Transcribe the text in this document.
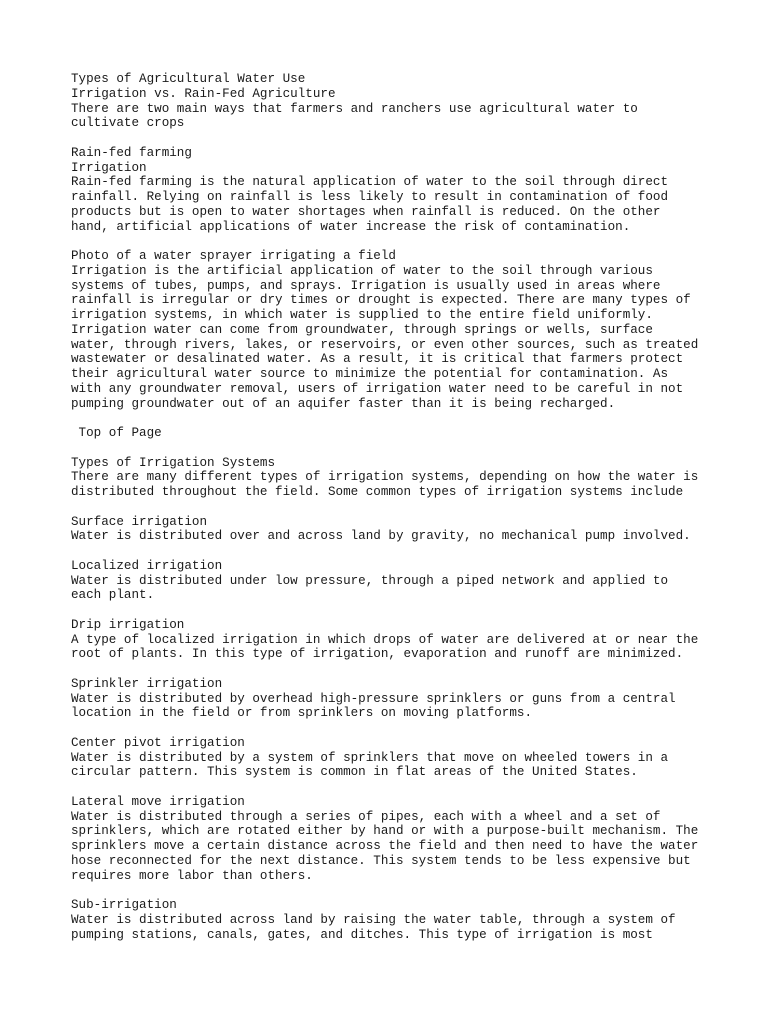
Types of Agricultural Water Use
Irrigation vs. Rain-Fed Agriculture
There are two main ways that farmers and ranchers use agricultural water to
cultivate crops
Rain-fed farming
Irrigation
Rain-fed farming is the natural application of water to the soil through direct
rainfall. Relying on rainfall is less likely to result in contamination of food
products but is open to water shortages when rainfall is reduced. On the other
hand, artificial applications of water increase the risk of contamination.
Photo of a water sprayer irrigating a field
Irrigation is the artificial application of water to the soil through various
systems of tubes, pumps, and sprays. Irrigation is usually used in areas where
rainfall is irregular or dry times or drought is expected. There are many types of
irrigation systems, in which water is supplied to the entire field uniformly.
Irrigation water can come from groundwater, through springs or wells, surface
water, through rivers, lakes, or reservoirs, or even other sources, such as treated
wastewater or desalinated water. As a result, it is critical that farmers protect
their agricultural water source to minimize the potential for contamination. As
with any groundwater removal, users of irrigation water need to be careful in not
pumping groundwater out of an aquifer faster than it is being recharged.
Top of Page
Types of Irrigation Systems
There are many different types of irrigation systems, depending on how the water is
distributed throughout the field. Some common types of irrigation systems include
Surface irrigation
Water is distributed over and across land by gravity, no mechanical pump involved.
Localized irrigation
Water is distributed under low pressure, through a piped network and applied to
each plant.
Drip irrigation
A type of localized irrigation in which drops of water are delivered at or near the
root of plants. In this type of irrigation, evaporation and runoff are minimized.
Sprinkler irrigation
Water is distributed by overhead high-pressure sprinklers or guns from a central
location in the field or from sprinklers on moving platforms.
Center pivot irrigation
Water is distributed by a system of sprinklers that move on wheeled towers in a
circular pattern. This system is common in flat areas of the United States.
Lateral move irrigation
Water is distributed through a series of pipes, each with a wheel and a set of
sprinklers, which are rotated either by hand or with a purpose-built mechanism. The
sprinklers move a certain distance across the field and then need to have the water
hose reconnected for the next distance. This system tends to be less expensive but
requires more labor than others.
Sub-irrigation
Water is distributed across land by raising the water table, through a system of
pumping stations, canals, gates, and ditches. This type of irrigation is most
